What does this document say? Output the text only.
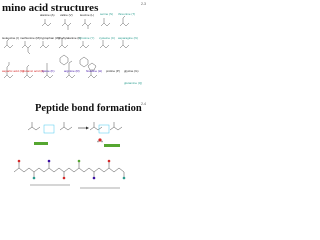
mino acid structures	2-3
alanine (A) valine (V) leucine (L) serine (S) threonine (T)
isoleucine (I) methionine (M) tryptophan (W)
phenylalanine (F)
tyrosine (Y) cysteine (C) asparagine (N)
aspartic acid (D)
glutamic acid (E)
lysine (K)	arginine (R) histidine (H) proline (P) glycine (G)
glutamine (Q)
Peptide bond formation 2-4
